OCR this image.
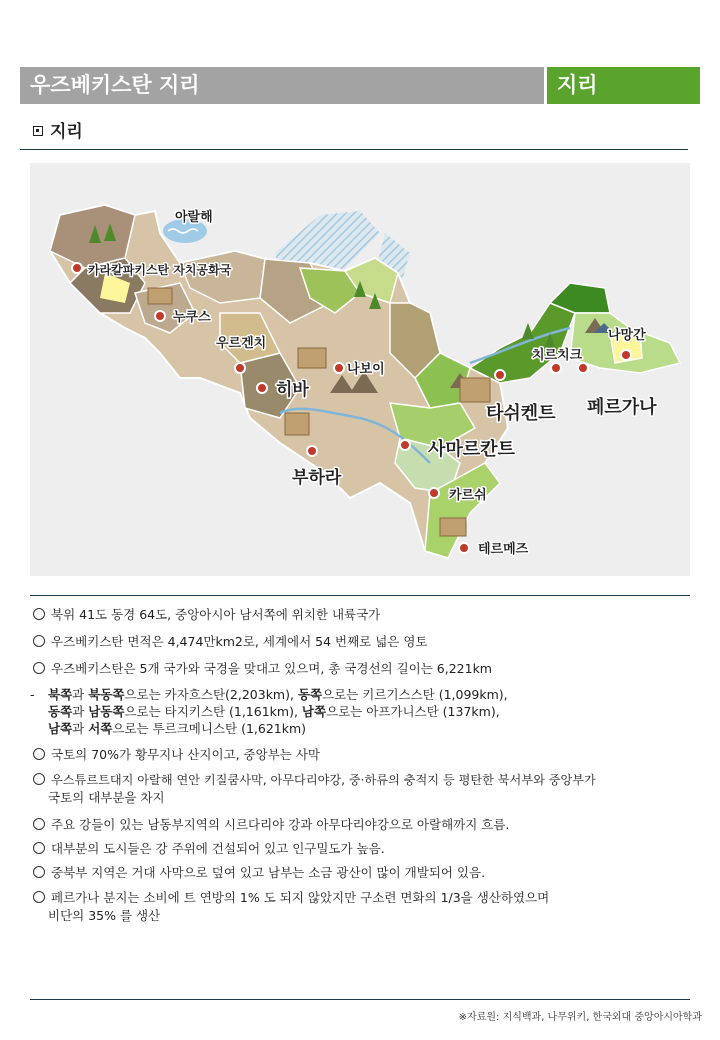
우즈베키스탄 지리	지리
지리
아랄해
카라칼파키스탄 자치공화국
누쿠스
우르겐치
히바
나보이
부하라
타쉬켄트
치르치크
나망간
페르가나
사마르칸트
카르쉬
테르메즈
북위 41도 동경 64도, 중앙아시아 남서쪽에 위치한 내륙국가
우즈베키스탄 면적은 4,474만km2로, 세계에서 54 번째로 넓은 영토
우즈베키스탄은 5개 국가와 국경을 맞대고 있으며, 총 국경선의 길이는 6,221km
- 북쪽과 북동쪽으로는 카자흐스탄(2,203km), 동쪽으로는 키르기스스탄 (1,099km),
동쪽과 남동쪽으로는 타지키스탄 (1,161km), 남쪽으로는 아프가니스탄 (137km),
남쪽과 서쪽으로는 투르크메니스탄 (1,621km)
국토의 70%가 황무지나 산지이고, 중앙부는 사막
우스튜르트대지 아랄해 연안 키질쿰사막, 아무다리야강, 중·하류의 충적지 등 평탄한 북서부와 중앙부가
국토의 대부분을 차지
주요 강들이 있는 남동부지역의 시르다리야 강과 아무다리야강으로 아랄해까지 흐름.
대부분의 도시들은 강 주위에 건설되어 있고 인구밀도가 높음.
중북부 지역은 거대 사막으로 덮여 있고 남부는 소금 광산이 많이 개발되어 있음.
페르가나 분지는 소비에 트 연방의 1% 도 되지 않았지만 구소련 면화의 1/3을 생산하였으며
비단의 35% 를 생산
※자료원: 지식백과, 나무위키, 한국외대 중앙아시아학과
